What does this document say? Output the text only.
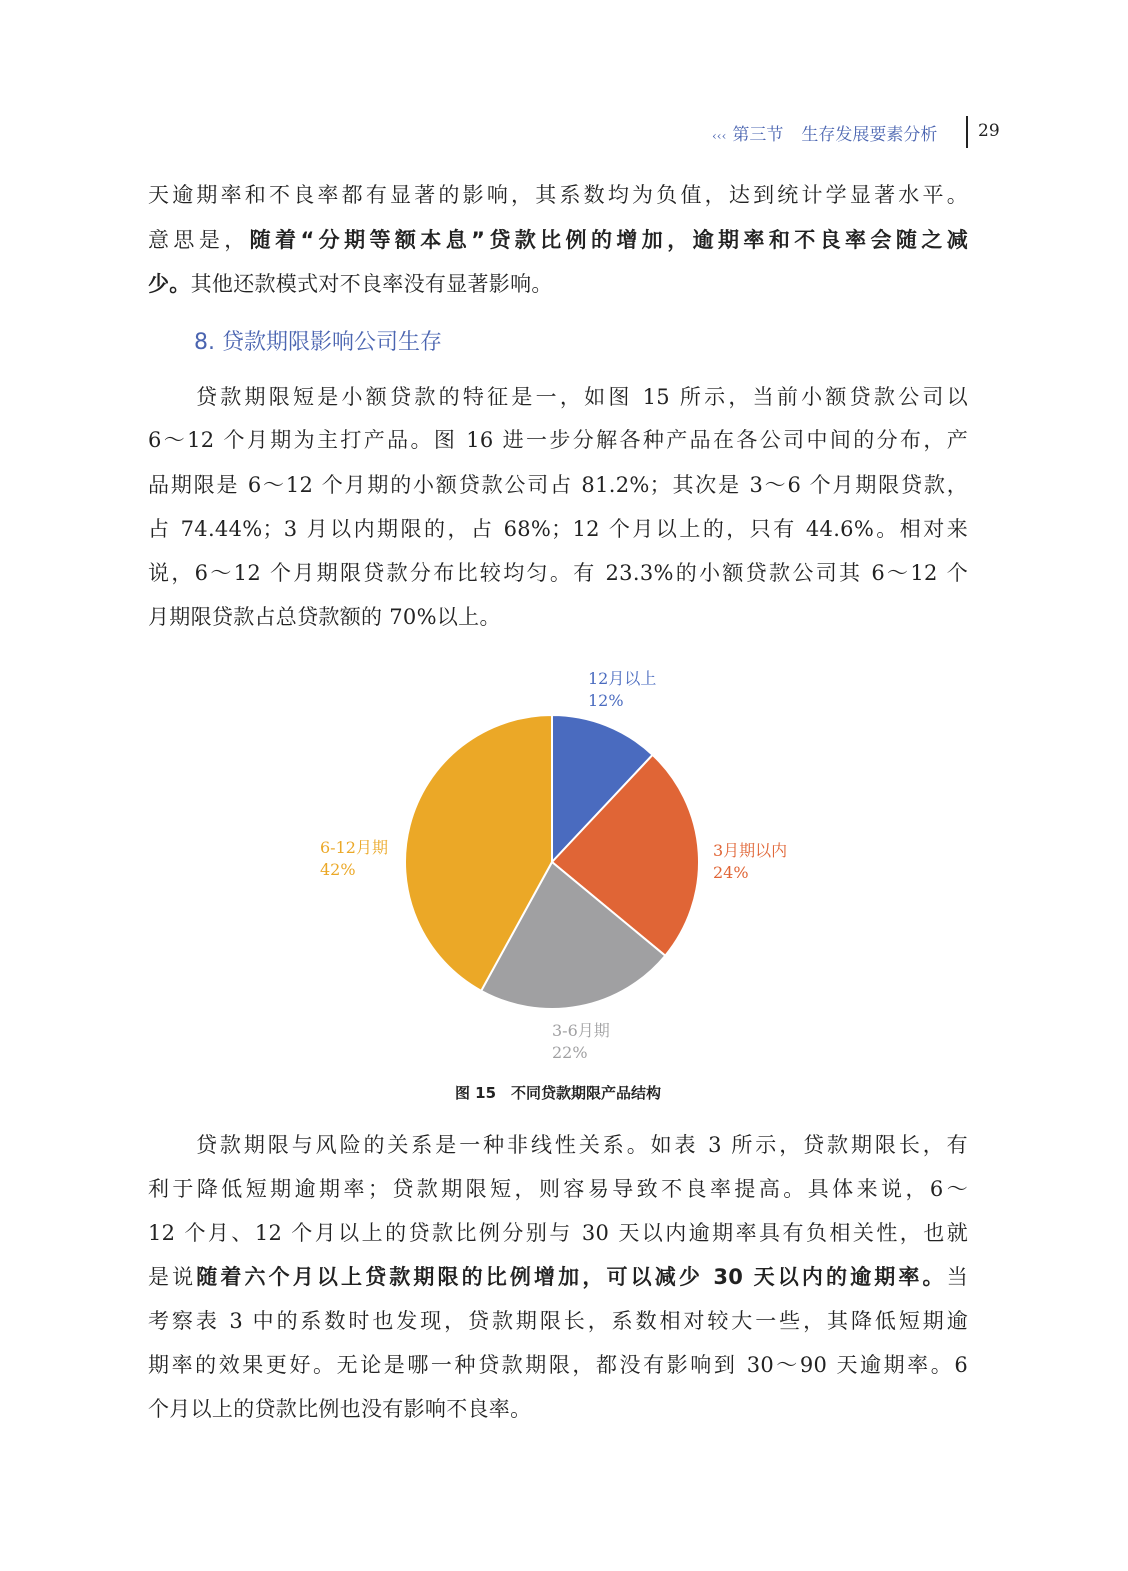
‹‹‹ 第三节 生存发展要素分析 29
8. 贷款期限影响公司生存
天逾期率和不良率都有显著的影响，其系数均为负值，达到统计学显著水平。
意思是，随着“分期等额本息”贷款比例的增加，逾期率和不良率会随之减
少。其他还款模式对不良率没有显著影响。
贷款期限短是小额贷款的特征是一，如图 15 所示，当前小额贷款公司以
6～12 个月期为主打产品。图 16 进一步分解各种产品在各公司中间的分布，产
品期限是 6～12 个月期的小额贷款公司占 81.2%；其次是 3～6 个月期限贷款，
占 74.44%；3 月以内期限的，占 68%；12 个月以上的，只有 44.6%。相对来
说，6～12 个月期限贷款分布比较均匀。有 23.3%的小额贷款公司其 6～12 个
月期限贷款占总贷款额的 70%以上。
贷款期限与风险的关系是一种非线性关系。如表 3 所示，贷款期限长，有
利于降低短期逾期率；贷款期限短，则容易导致不良率提高。具体来说，6～
12 个月、12 个月以上的贷款比例分别与 30 天以内逾期率具有负相关性，也就
是说随着六个月以上贷款期限的比例增加，可以减少 30 天以内的逾期率。当
考察表 3 中的系数时也发现，贷款期限长，系数相对较大一些，其降低短期逾
期率的效果更好。无论是哪一种贷款期限，都没有影响到 30～90 天逾期率。6
个月以上的贷款比例也没有影响不良率。
12月以上
12%
3月期以内
24%
3-6月期
22%
6-12月期
42%
图 15　不同贷款期限产品结构
